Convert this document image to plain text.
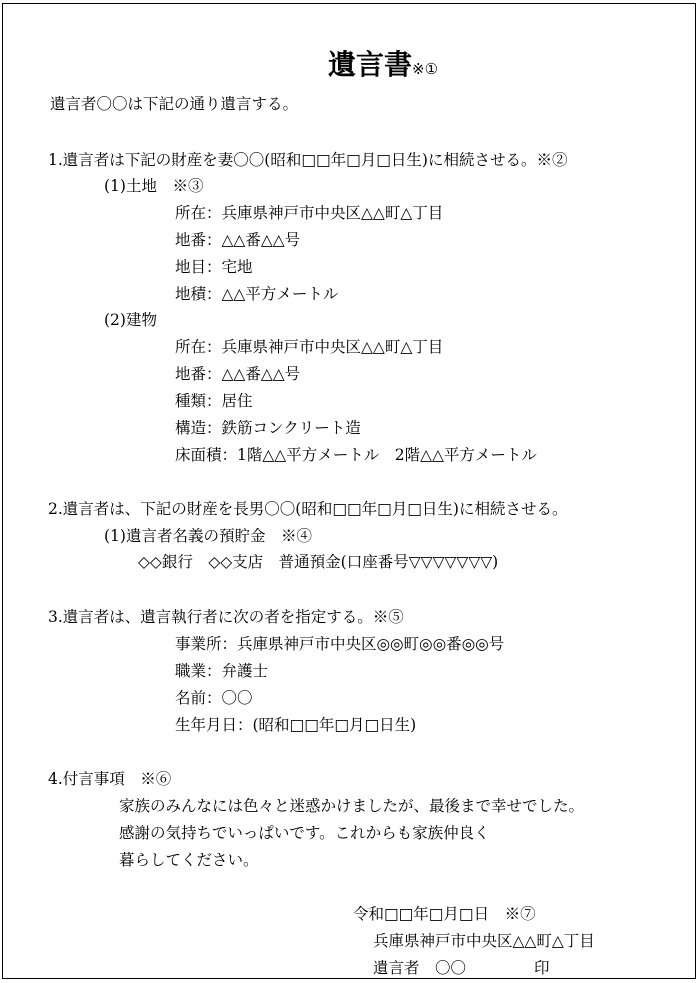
遺言書※①
遺言者〇〇は下記の通り遺言する。
1.遺言者は下記の財産を妻〇〇(昭和□□年□月□日生)に相続させる。※②
(1)土地　※③
所在：兵庫県神戸市中央区△△町△丁目
地番：△△番△△号
地目：宅地
地積：△△平方メートル
(2)建物
所在：兵庫県神戸市中央区△△町△丁目
地番：△△番△△号
種類：居住
構造：鉄筋コンクリート造
床面積：1階△△平方メートル　2階△△平方メートル
2.遺言者は、下記の財産を長男〇〇(昭和□□年□月□日生)に相続させる。
(1)遺言者名義の預貯金　※④
◇◇銀行　◇◇支店　普通預金(口座番号▽▽▽▽▽▽▽)
3.遺言者は、遺言執行者に次の者を指定する。※⑤
事業所：兵庫県神戸市中央区◎◎町◎◎番◎◎号
職業：弁護士
名前：〇〇
生年月日：(昭和□□年□月□日生)
4.付言事項　※⑥
家族のみんなには色々と迷惑かけましたが、最後まで幸せでした。
感謝の気持ちでいっぱいです。これからも家族仲良く
暮らしてください。
令和□□年□月□日　※⑦
兵庫県神戸市中央区△△町△丁目
遺言者　〇〇	印
